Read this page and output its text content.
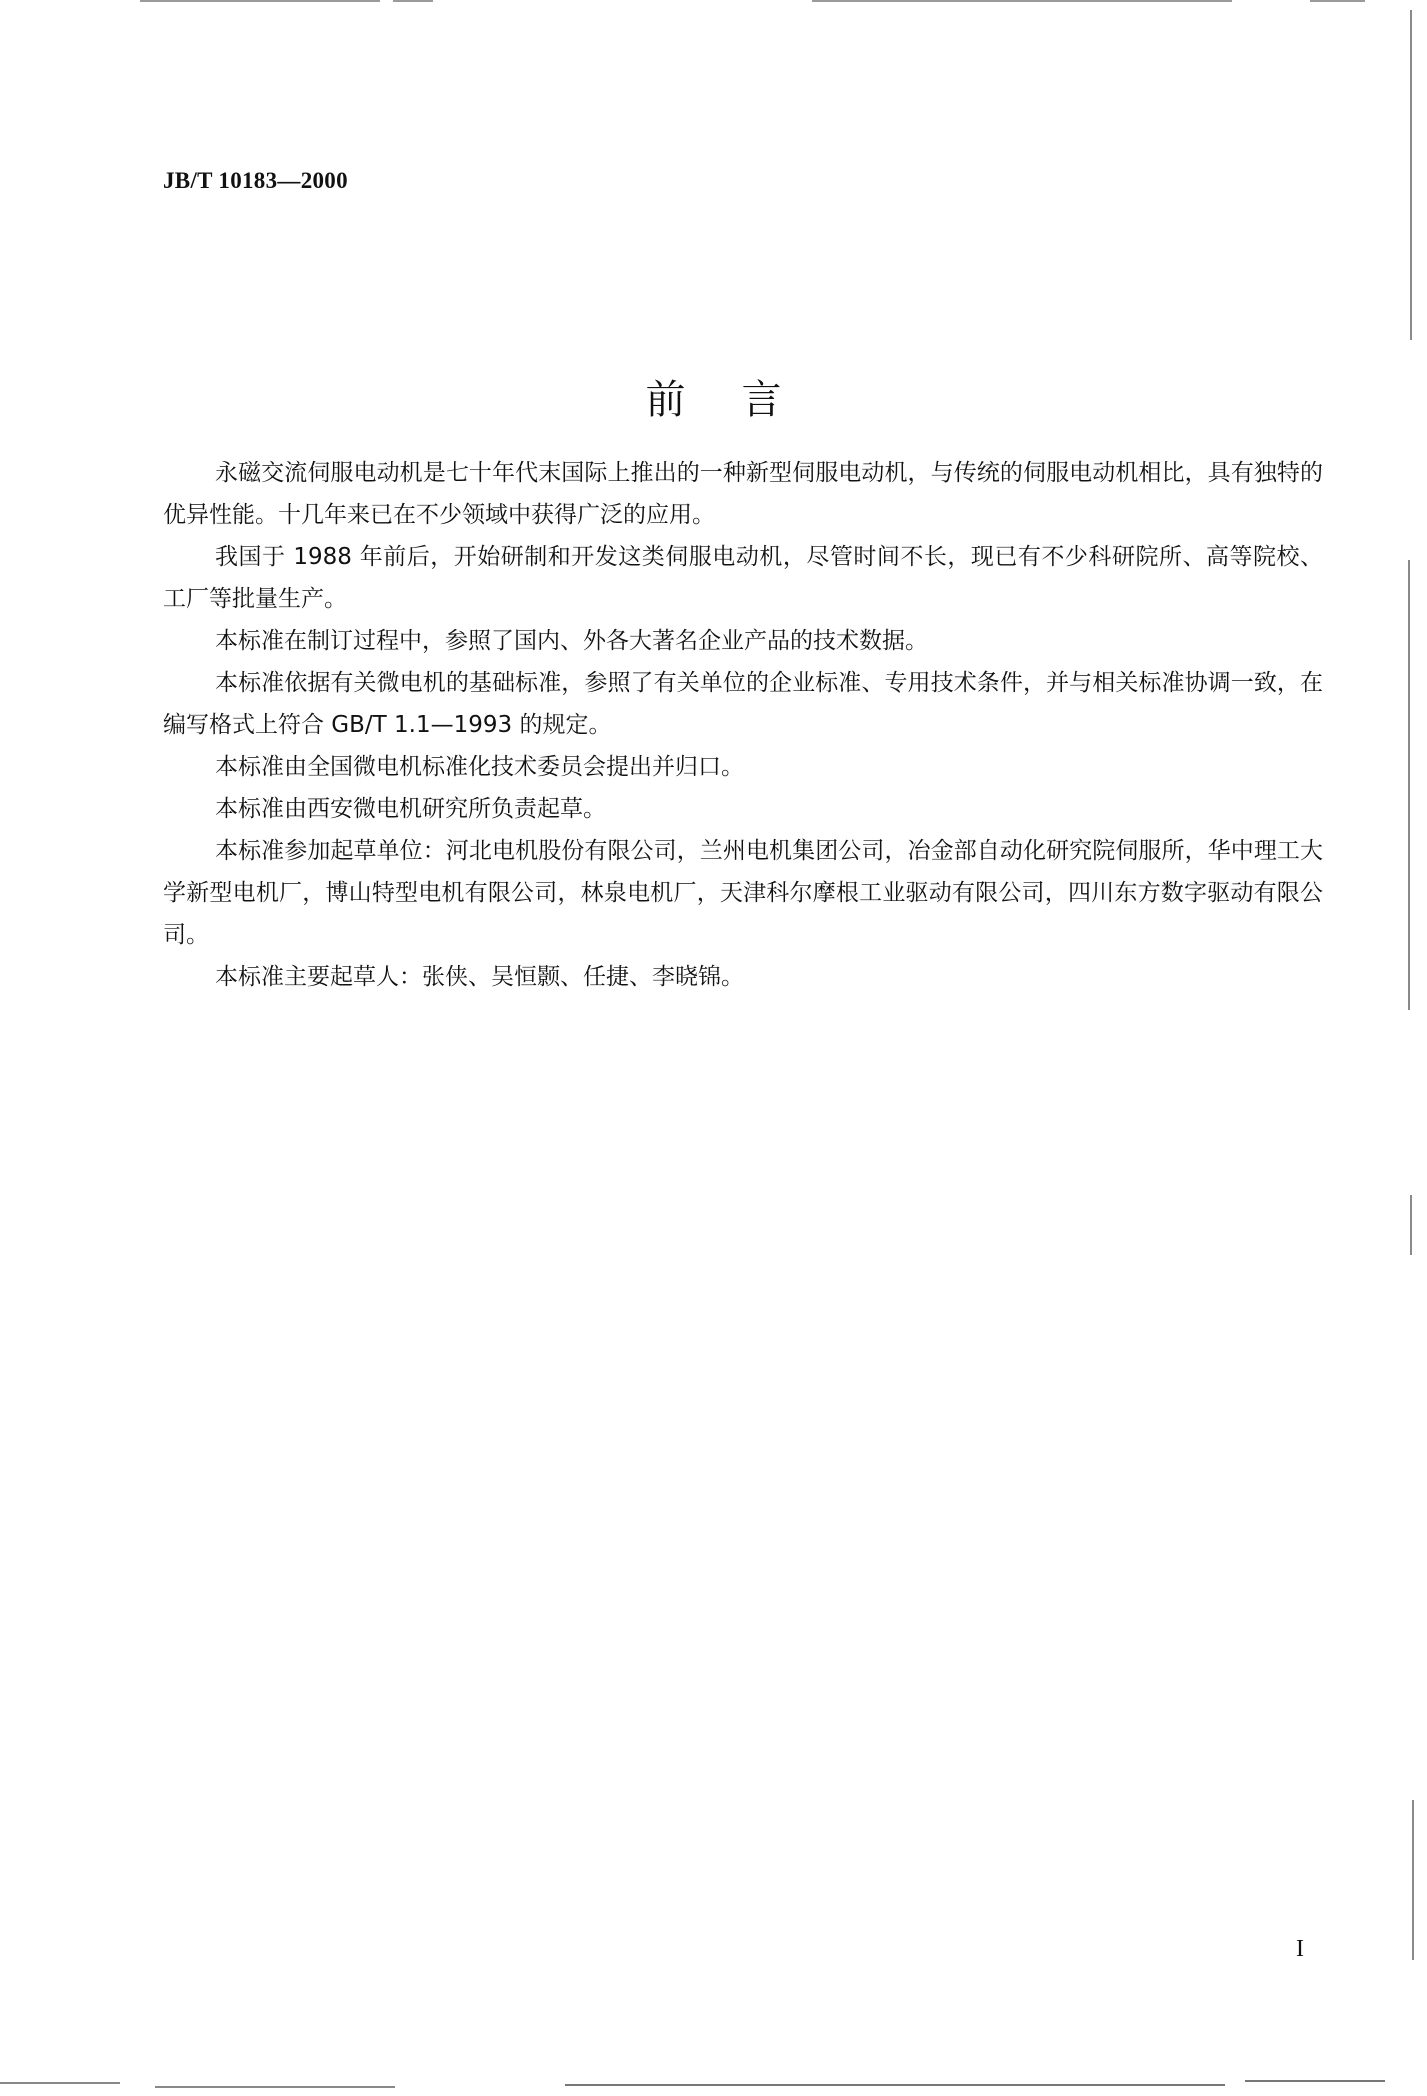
JB/T 10183—2000
前言

永磁交流伺服电动机是七十年代末国际上推出的一种新型伺服电动机，与传统的伺服电动机相比，具有独特的优异性能。十几年来已在不少领域中获得广泛的应用。

我国于 1988 年前后，开始研制和开发这类伺服电动机，尽管时间不长，现已有不少科研院所、高等院校、工厂等批量生产。

本标准在制订过程中，参照了国内、外各大著名企业产品的技术数据。

本标准依据有关微电机的基础标准，参照了有关单位的企业标准、专用技术条件，并与相关标准协调一致，在编写格式上符合 GB/T 1.1—1993 的规定。

本标准由全国微电机标准化技术委员会提出并归口。

本标准由西安微电机研究所负责起草。

本标准参加起草单位：河北电机股份有限公司，兰州电机集团公司，冶金部自动化研究院伺服所，华中理工大学新型电机厂，博山特型电机有限公司，林泉电机厂，天津科尔摩根工业驱动有限公司，四川东方数字驱动有限公司。

本标准主要起草人：张侠、吴恒颢、任捷、李晓锦。

I
